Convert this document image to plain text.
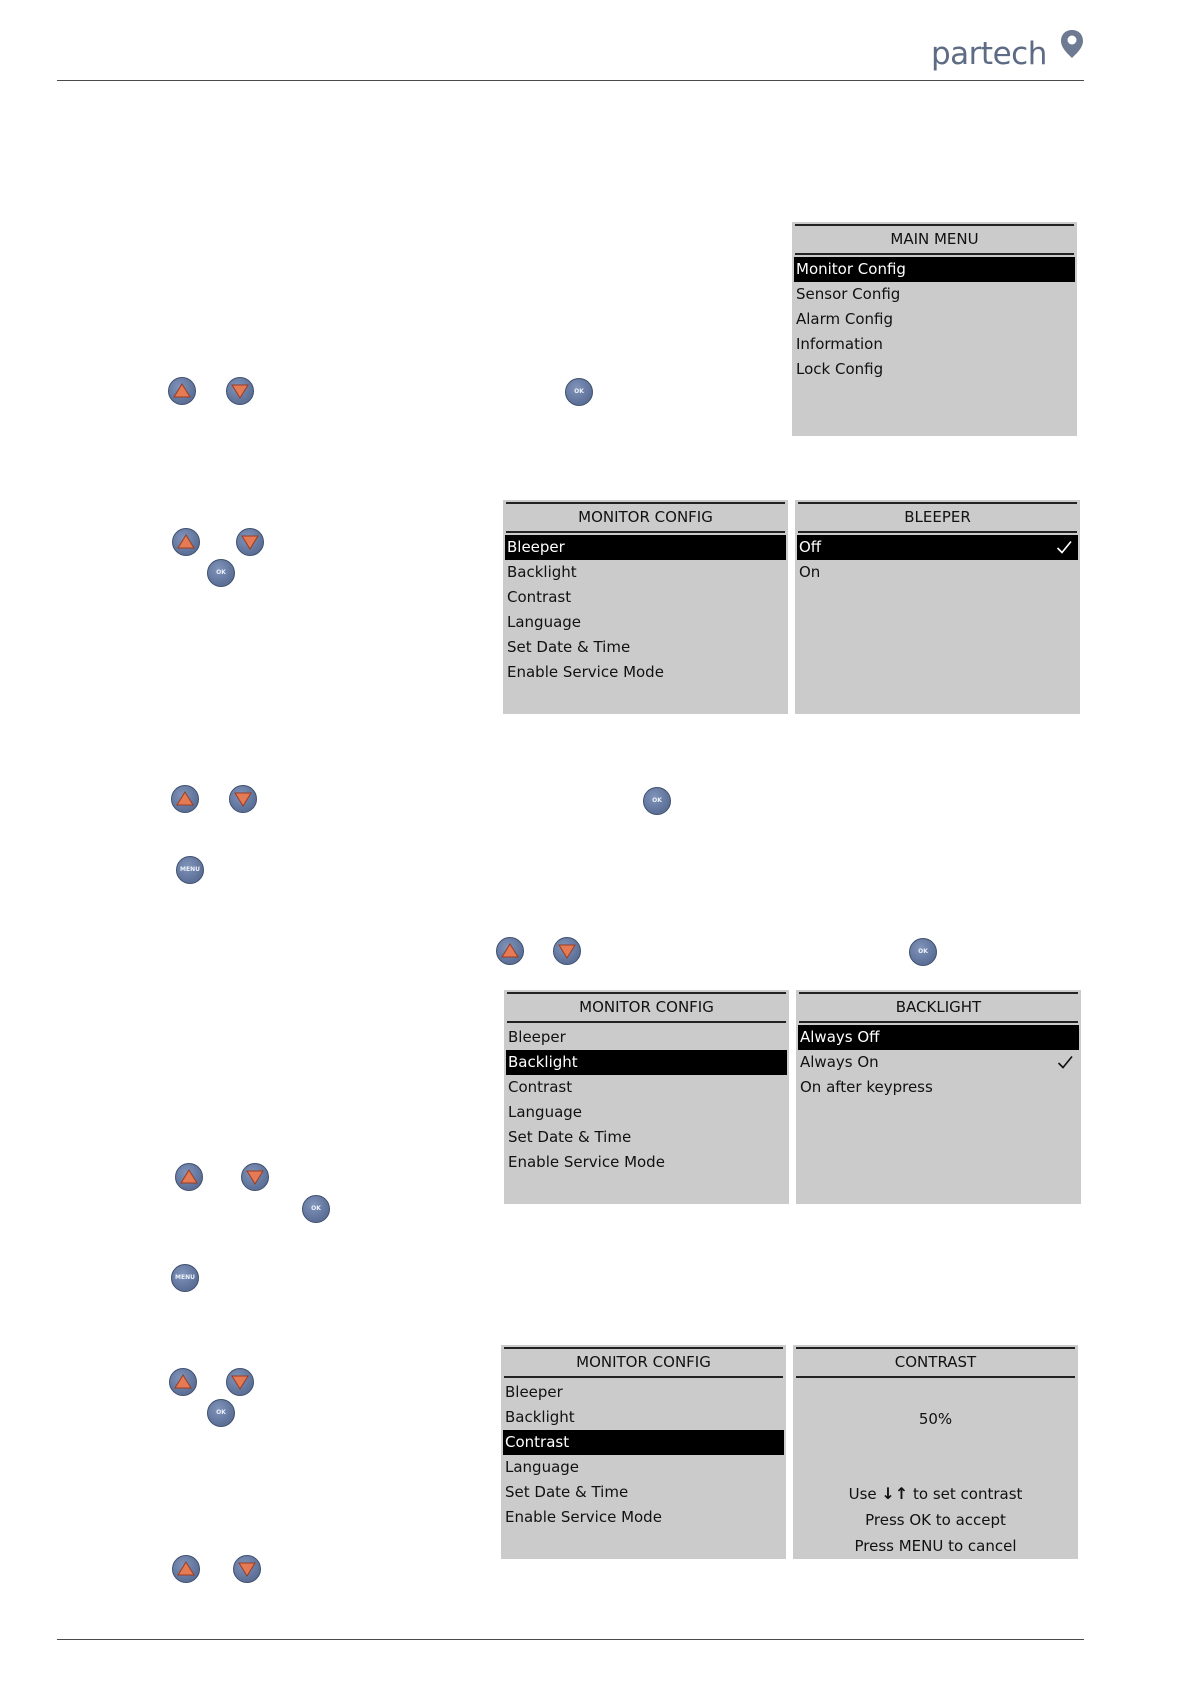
partech
MAIN MENU
Monitor Config
Sensor Config
Alarm Config
Information
Lock Config
OK
MONITOR CONFIG
Bleeper
Backlight
Contrast
Language
Set Date & Time
Enable Service Mode
BLEEPER
Off
On
OK
OK
MENU
OK
MONITOR CONFIG
Bleeper
Backlight
Contrast
Language
Set Date & Time
Enable Service Mode
BACKLIGHT
Always Off
Always On
On after keypress
OK
MENU
MONITOR CONFIG
Bleeper
Backlight
Contrast
Language
Set Date & Time
Enable Service Mode
CONTRAST
50%
Use ↓↑ to set contrast
Press OK to accept
Press MENU to cancel
OK
